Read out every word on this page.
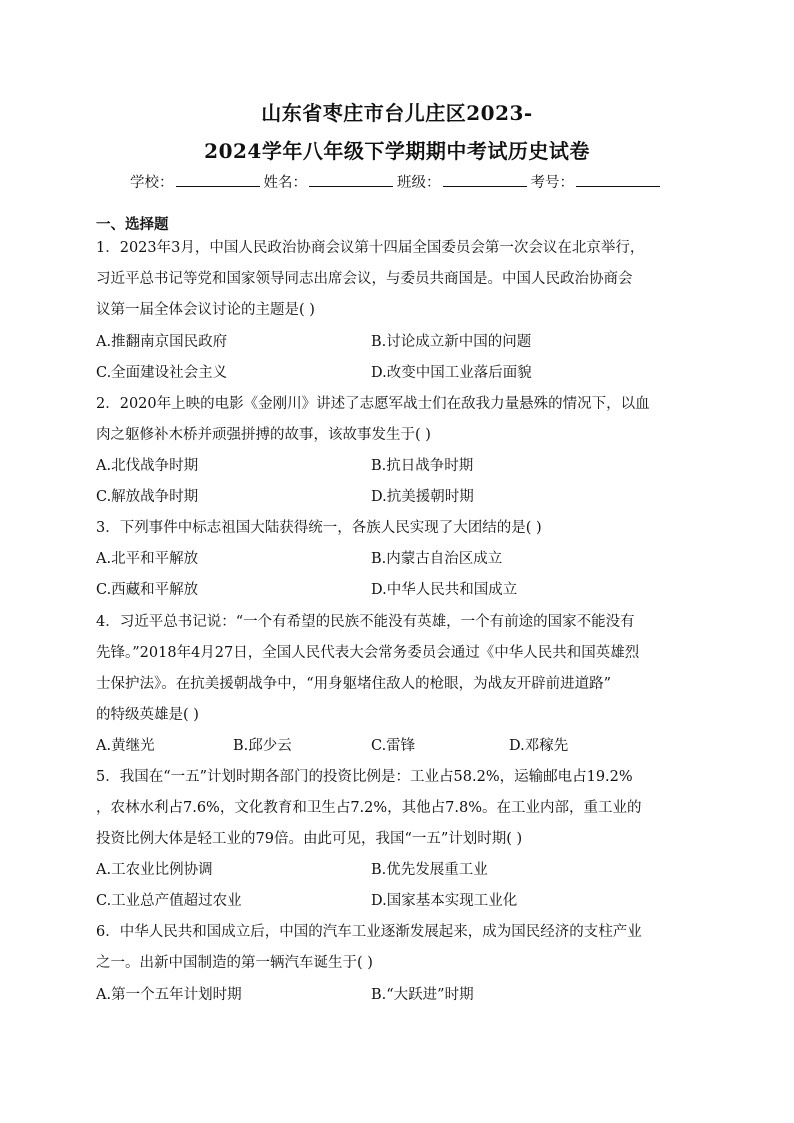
山东省枣庄市台儿庄区2023-
2024学年八年级下学期期中考试历史试卷
学校：	姓名：	班级：	考号：
一、选择题
1．2023年3月，中国人民政治协商会议第十四届全国委员会第一次会议在北京举行，
习近平总书记等党和国家领导同志出席会议，与委员共商国是。中国人民政治协商会
议第一届全体会议讨论的主题是( )
A.推翻南京国民政府	B.讨论成立新中国的问题
C.全面建设社会主义	D.改变中国工业落后面貌
2．2020年上映的电影《金刚川》讲述了志愿军战士们在敌我力量悬殊的情况下，以血
肉之躯修补木桥并顽强拼搏的故事，该故事发生于( )
A.北伐战争时期	B.抗日战争时期
C.解放战争时期	D.抗美援朝时期
3．下列事件中标志祖国大陆获得统一，各族人民实现了大团结的是( )
A.北平和平解放	B.内蒙古自治区成立
C.西藏和平解放	D.中华人民共和国成立
4．习近平总书记说：“一个有希望的民族不能没有英雄，一个有前途的国家不能没有
先锋。”2018年4月27日，全国人民代表大会常务委员会通过《中华人民共和国英雄烈
士保护法》。在抗美援朝战争中，“用身躯堵住敌人的枪眼，为战友开辟前进道路”
的特级英雄是( )
A.黄继光	B.邱少云	C.雷锋	D.邓稼先
5．我国在“一五”计划时期各部门的投资比例是：工业占58.2%，运输邮电占19.2%
，农林水利占7.6%，文化教育和卫生占7.2%，其他占7.8%。在工业内部，重工业的
投资比例大体是轻工业的79倍。由此可见，我国“一五”计划时期( )
A.工农业比例协调	B.优先发展重工业
C.工业总产值超过农业	D.国家基本实现工业化
6．中华人民共和国成立后，中国的汽车工业逐渐发展起来，成为国民经济的支柱产业
之一。出新中国制造的第一辆汽车诞生于( )
A.第一个五年计划时期	B.“大跃进”时期
